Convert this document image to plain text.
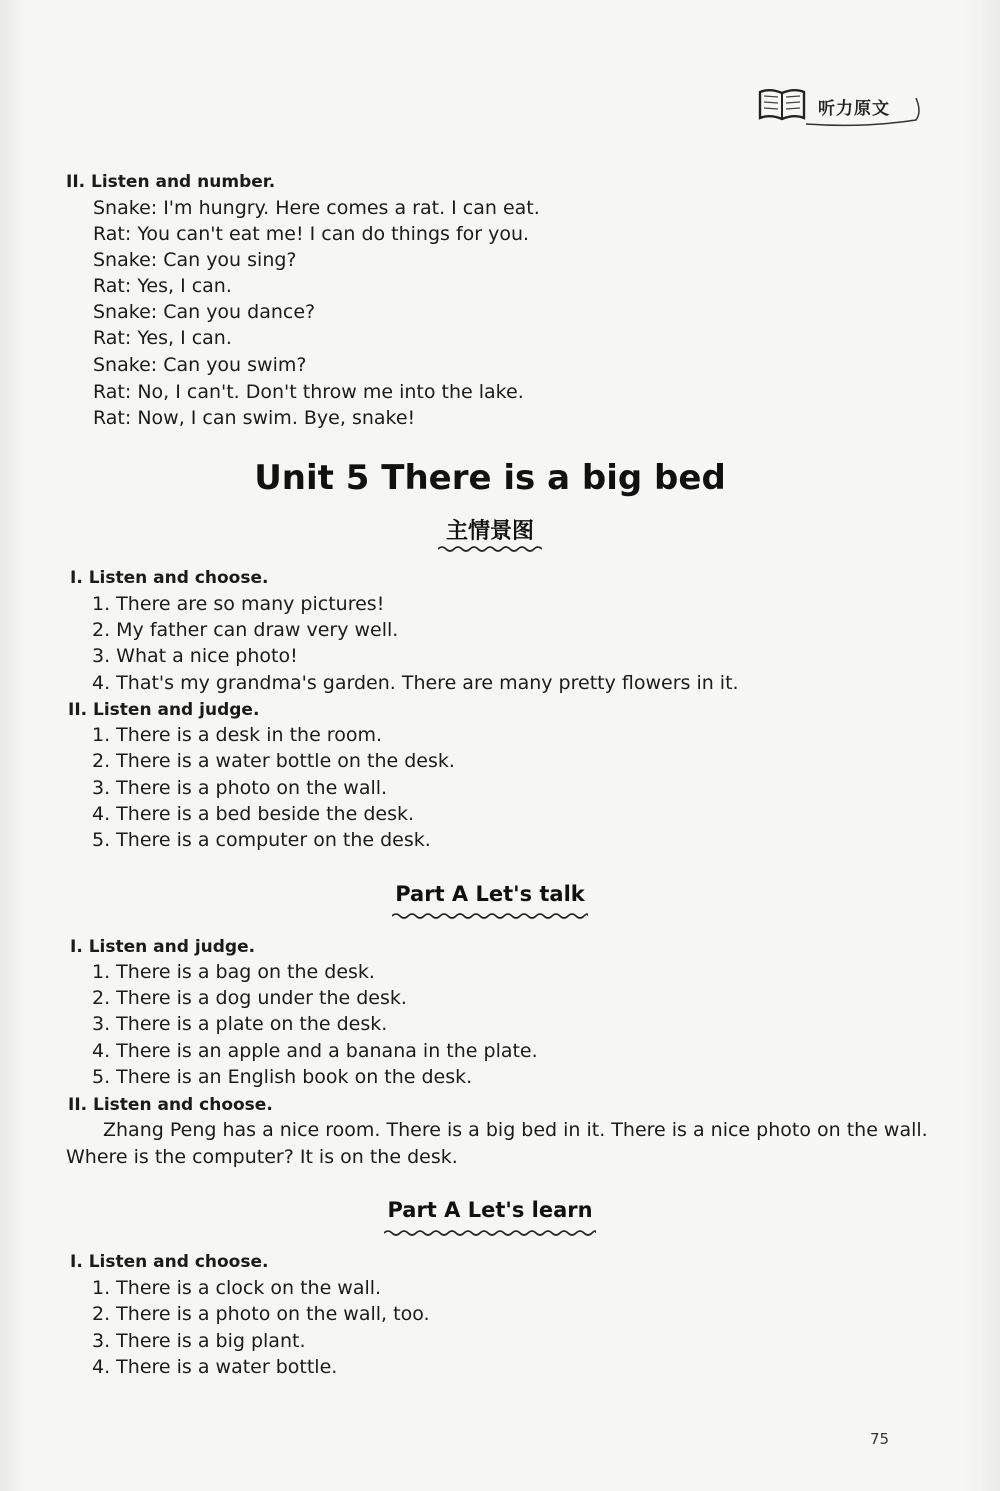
听力原文
II. Listen and number.
Snake: I'm hungry. Here comes a rat. I can eat.
Rat: You can't eat me! I can do things for you.
Snake: Can you sing?
Rat: Yes, I can.
Snake: Can you dance?
Rat: Yes, I can.
Snake: Can you swim?
Rat: No, I can't. Don't throw me into the lake.
Rat: Now, I can swim. Bye, snake!
Unit 5 There is a big bed
主情景图
I. Listen and choose.
1. There are so many pictures!
2. My father can draw very well.
3. What a nice photo!
4. That's my grandma's garden. There are many pretty flowers in it.
II. Listen and judge.
1. There is a desk in the room.
2. There is a water bottle on the desk.
3. There is a photo on the wall.
4. There is a bed beside the desk.
5. There is a computer on the desk.
Part A Let's talk
I. Listen and judge.
1. There is a bag on the desk.
2. There is a dog under the desk.
3. There is a plate on the desk.
4. There is an apple and a banana in the plate.
5. There is an English book on the desk.
II. Listen and choose.
Zhang Peng has a nice room. There is a big bed in it. There is a nice photo on the wall.
Where is the computer? It is on the desk.
Part A Let's learn
I. Listen and choose.
1. There is a clock on the wall.
2. There is a photo on the wall, too.
3. There is a big plant.
4. There is a water bottle.
75
